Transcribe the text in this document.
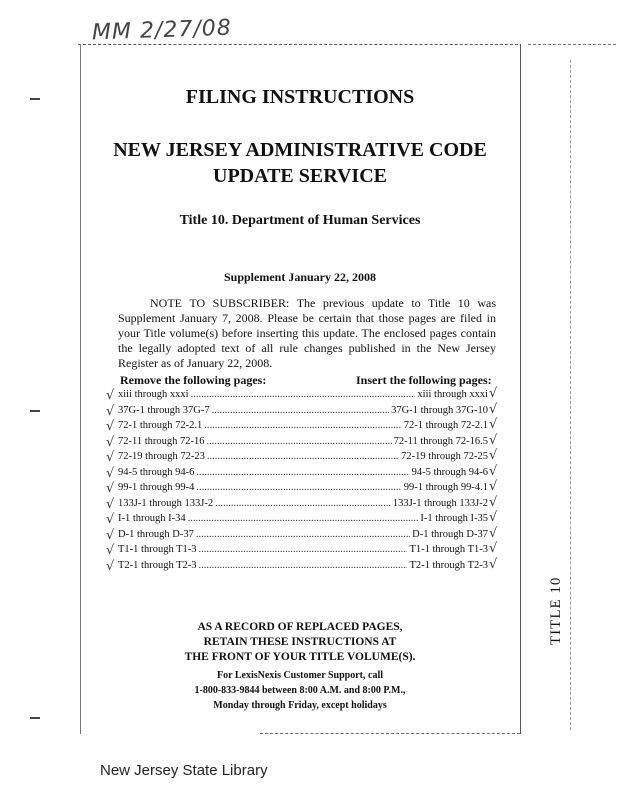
MM 2/27/08
FILING INSTRUCTIONS
NEW JERSEY ADMINISTRATIVE CODE
UPDATE SERVICE
Title 10. Department of Human Services
Supplement January 22, 2008
NOTE TO SUBSCRIBER: The previous update to Title 10 was Supplement January 7, 2008. Please be certain that those pages are filed in your Title volume(s) before inserting this update. The enclosed pages contain the legally adopted text of all rule changes published in the New Jersey Register as of January 22, 2008.
Remove the following pages:	Insert the following pages:
xiii through xxxi .....	xiii through xxxi
√	√
37G-1 through 37G-7 .....	37G-1 through 37G-10
√	√
72-1 through 72-2.1 .....	72-1 through 72-2.1
√	√
72-11 through 72-16 .....	72-11 through 72-16.5
√	√
72-19 through 72-23 .....	72-19 through 72-25
√	√
94-5 through 94-6 .....	94-5 through 94-6
√	√
99-1 through 99-4 .....	99-1 through 99-4.1
√	√
133J-1 through 133J-2 .....	133J-1 through 133J-2
√	√
I-1 through I-34 .....	I-1 through I-35
√	√
D-1 through D-37 .....	D-1 through D-37
√	√
T1-1 through T1-3 .....	T1-1 through T1-3
√	√
T2-1 through T2-3 .....	T2-1 through T2-3
√	√
AS A RECORD OF REPLACED PAGES,
RETAIN THESE INSTRUCTIONS AT
THE FRONT OF YOUR TITLE VOLUME(S).
For LexisNexis Customer Support, call
1-800-833-9844 between 8:00 A.M. and 8:00 P.M.,
Monday through Friday, except holidays
TITLE 10
New Jersey State Library
